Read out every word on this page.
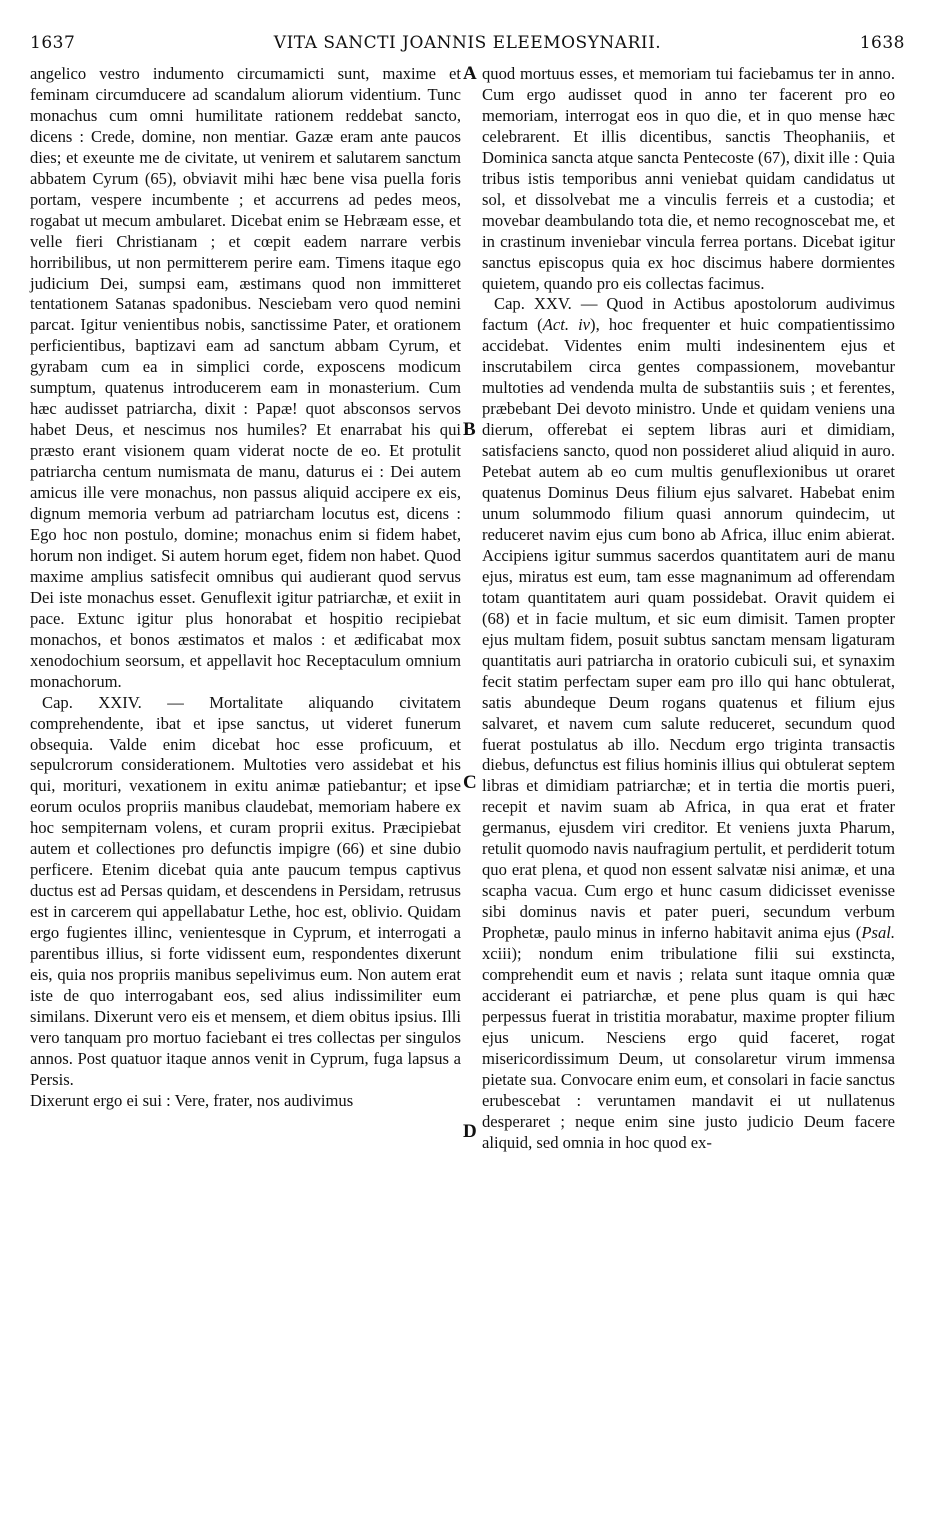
1637	VITA SANCTI JOANNIS ELEEMOSYNARII.	1638

angelico vestro indumento circumamicti sunt, maxime et feminam circumducere ad scandalum aliorum videntium. Tunc monachus cum omni humilitate rationem reddebat sancto, dicens : Crede, domine, non mentiar. Gazæ eram ante paucos dies; et exeunte me de civitate, ut venirem et salutarem sanctum abbatem Cyrum (65), obviavit mihi hæc bene visa puella foris portam, vespere incumbente ; et accurrens ad pedes meos, rogabat ut mecum ambularet. Dicebat enim se Hebræam esse, et velle fieri Christianam ; et cœpit eadem narrare verbis horribilibus, ut non permitterem perire eam. Timens itaque ego judicium Dei, sumpsi eam, æstimans quod non immitteret tentationem Satanas spadonibus. Nesciebam vero quod nemini parcat. Igitur venientibus nobis, sanctissime Pater, et orationem perficientibus, baptizavi eam ad sanctum abbam Cyrum, et gyrabam cum ea in simplici corde, exposcens modicum sumptum, quatenus introducerem eam in monasterium. Cum hæc audisset patriarcha, dixit : Papæ! quot absconsos servos habet Deus, et nescimus nos humiles? Et enarrabat his qui præsto erant visionem quam viderat nocte de eo. Et protulit patriarcha centum numismata de manu, daturus ei : Dei autem amicus ille vere monachus, non passus aliquid accipere ex eis, dignum memoria verbum ad patriarcham locutus est, dicens : Ego hoc non postulo, domine; monachus enim si fidem habet, horum non indiget. Si autem horum eget, fidem non habet. Quod maxime amplius satisfecit omnibus qui audierant quod servus Dei iste monachus esset. Genuflexit igitur patriarchæ, et exiit in pace. Extunc igitur plus honorabat et hospitio recipiebat monachos, et bonos æstimatos et malos : et ædificabat mox xenodochium seorsum, et appellavit hoc Receptaculum omnium monachorum.

Cap. XXIV. — Mortalitate aliquando civitatem comprehendente, ibat et ipse sanctus, ut videret funerum obsequia. Valde enim dicebat hoc esse proficuum, et sepulcrorum considerationem. Multoties vero assidebat et his qui, morituri, vexationem in exitu animæ patiebantur; et ipse eorum oculos propriis manibus claudebat, memoriam habere ex hoc sempiternam volens, et curam proprii exitus. Præcipiebat autem et collectiones pro defunctis impigre (66) et sine dubio perficere. Etenim dicebat quia ante paucum tempus captivus ductus est ad Persas quidam, et descendens in Persidam, retrusus est in carcerem qui appellabatur Lethe, hoc est, oblivio. Quidam ergo fugientes illinc, venientesque in Cyprum, et interrogati a parentibus illius, si forte vidissent eum, respondentes dixerunt eis, quia nos propriis manibus sepelivimus eum. Non autem erat iste de quo interrogabant eos, sed alius indissimiliter eum similans. Dixerunt vero eis et mensem, et diem obitus ipsius. Illi vero tanquam pro mortuo faciebant ei tres collectas per singulos annos. Post quatuor itaque annos venit in Cyprum, fuga lapsus a Persis.

Dixerunt ergo ei sui : Vere, frater, nos audivimus

A
B
C
D

quod mortuus esses, et memoriam tui faciebamus ter in anno. Cum ergo audisset quod in anno ter facerent pro eo memoriam, interrogat eos in quo die, et in quo mense hæc celebrarent. Et illis dicentibus, sanctis Theophaniis, et Dominica sancta atque sancta Pentecoste (67), dixit ille : Quia tribus istis temporibus anni veniebat quidam candidatus ut sol, et dissolvebat me a vinculis ferreis et a custodia; et movebar deambulando tota die, et nemo recognoscebat me, et in crastinum inveniebar vincula ferrea portans. Dicebat igitur sanctus episcopus quia ex hoc discimus habere dormientes quietem, quando pro eis collectas facimus.

Cap. XXV. — Quod in Actibus apostolorum audivimus factum (Act. iv), hoc frequenter et huic compatientissimo accidebat. Videntes enim multi indesinentem ejus et inscrutabilem circa gentes compassionem, movebantur multoties ad vendenda multa de substantiis suis ; et ferentes, præbebant Dei devoto ministro. Unde et quidam veniens una dierum, offerebat ei septem libras auri et dimidiam, satisfaciens sancto, quod non possideret aliud aliquid in auro. Petebat autem ab eo cum multis genuflexionibus ut oraret quatenus Dominus Deus filium ejus salvaret. Habebat enim unum solummodo filium quasi annorum quindecim, ut reduceret navim ejus cum bono ab Africa, illuc enim abierat. Accipiens igitur summus sacerdos quantitatem auri de manu ejus, miratus est eum, tam esse magnanimum ad offerendam totam quantitatem auri quam possidebat. Oravit quidem ei (68) et in facie multum, et sic eum dimisit. Tamen propter ejus multam fidem, posuit subtus sanctam mensam ligaturam quantitatis auri patriarcha in oratorio cubiculi sui, et synaxim fecit statim perfectam super eam pro illo qui hanc obtulerat, satis abundeque Deum rogans quatenus et filium ejus salvaret, et navem cum salute reduceret, secundum quod fuerat postulatus ab illo. Necdum ergo triginta transactis diebus, defunctus est filius hominis illius qui obtulerat septem libras et dimidiam patriarchæ; et in tertia die mortis pueri, recepit et navim suam ab Africa, in qua erat et frater germanus, ejusdem viri creditor. Et veniens juxta Pharum, retulit quomodo navis naufragium pertulit, et perdiderit totum quo erat plena, et quod non essent salvatæ nisi animæ, et una scapha vacua. Cum ergo et hunc casum didicisset evenisse sibi dominus navis et pater pueri, secundum verbum Prophetæ, paulo minus in inferno habitavit anima ejus (Psal. xciii); nondum enim tribulatione filii sui exstincta, comprehendit eum et navis ; relata sunt itaque omnia quæ acciderant ei patriarchæ, et pene plus quam is qui hæc perpessus fuerat in tristitia morabatur, maxime propter filium ejus unicum. Nesciens ergo quid faceret, rogat misericordissimum Deum, ut consolaretur virum immensa pietate sua. Convocare enim eum, et consolari in facie sanctus erubescebat : veruntamen mandavit ei ut nullatenus desperaret ; neque enim sine justo judicio Deum facere aliquid, sed omnia in hoc quod ex-
